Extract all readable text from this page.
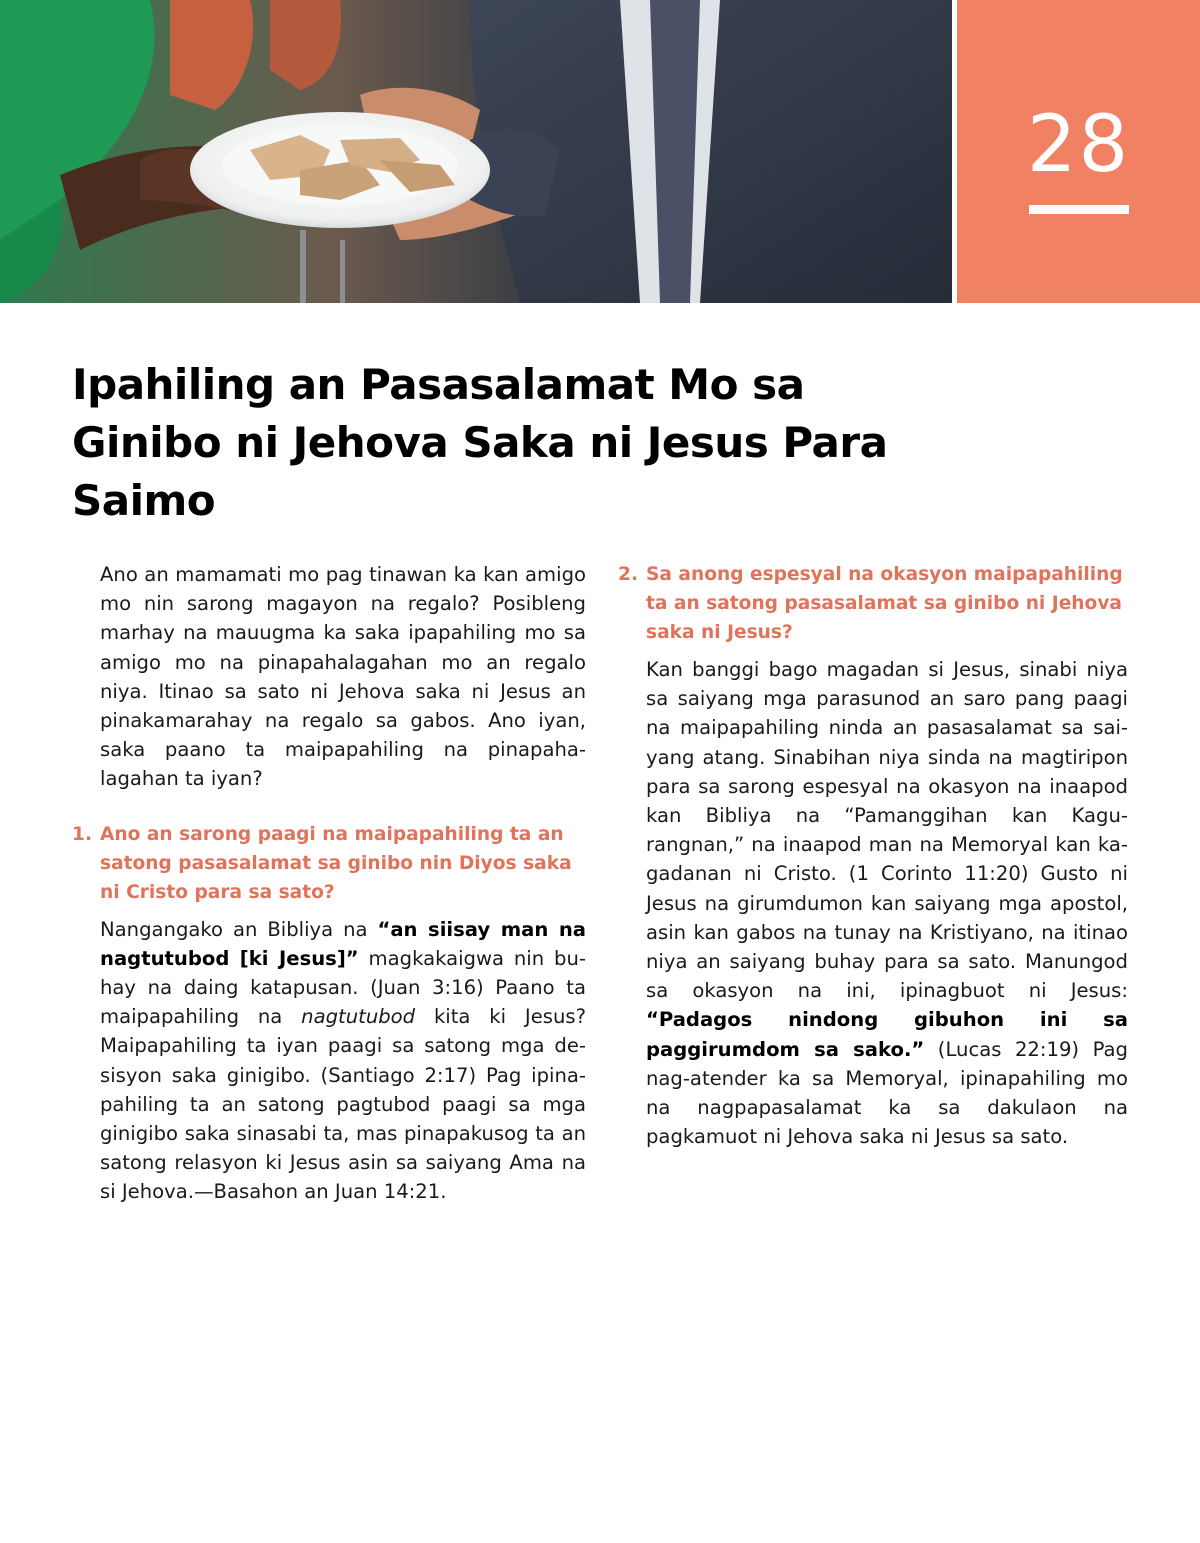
28
Ipahiling an Pasasalamat Mo sa Ginibo ni Jehova Saka ni Jesus Para Saimo

Ano an mamamati mo pag tinawan ka kan amigo mo nin sarong magayon na regalo? Posibleng marhay na mauugma ka saka ipapahiling mo sa amigo mo na pinapahalagahan mo an regalo niya. Itinao sa sato ni Jehova saka ni Jesus an pinakamarahay na regalo sa gabos. Ano iyan, saka paano ta maipapahiling na pinapahalagahan ta iyan?

1. Ano an sarong paagi na maipapahiling ta an satong pasasalamat sa ginibo nin Diyos saka ni Cristo para sa sato?

Nangangako an Bibliya na “an siisay man na nagtutubod [ki Jesus]” magkakaigwa nin buhay na daing katapusan. (Juan 3:16) Paano ta maipapahiling na nagtutubod kita ki Jesus? Maipapahiling ta iyan paagi sa satong mga desisyon saka ginigibo. (Santiago 2:17) Pag ipinapahiling ta an satong pagtubod paagi sa mga ginigibo saka sinasabi ta, mas pinapakusog ta an satong relasyon ki Jesus asin sa saiyang Ama na si Jehova.—Basahon an Juan 14:21.

2. Sa anong espesyal na okasyon maipapahiling ta an satong pasasalamat sa ginibo ni Jehova saka ni Jesus?

Kan banggi bago magadan si Jesus, sinabi niya sa saiyang mga parasunod an saro pang paagi na maipapahiling ninda an pasasalamat sa saiyang atang. Sinabihan niya sinda na magtiripon para sa sarong espesyal na okasyon na inaapod kan Bibliya na “Pamanggihan kan Kagurangnan,” na inaapod man na Memoryal kan kagadanan ni Cristo. (1 Corinto 11:20) Gusto ni Jesus na girumdumon kan saiyang mga apostol, asin kan gabos na tunay na Kristiyano, na itinao niya an saiyang buhay para sa sato. Manungod sa okasyon na ini, ipinagbuot ni Jesus: “Padagos nindong gibuhon ini sa paggirumdom sa sako.” (Lucas 22:19) Pag nag-atender ka sa Memoryal, ipinapahiling mo na nagpapasalamat ka sa dakulaon na pagkamuot ni Jehova saka ni Jesus sa sato.
